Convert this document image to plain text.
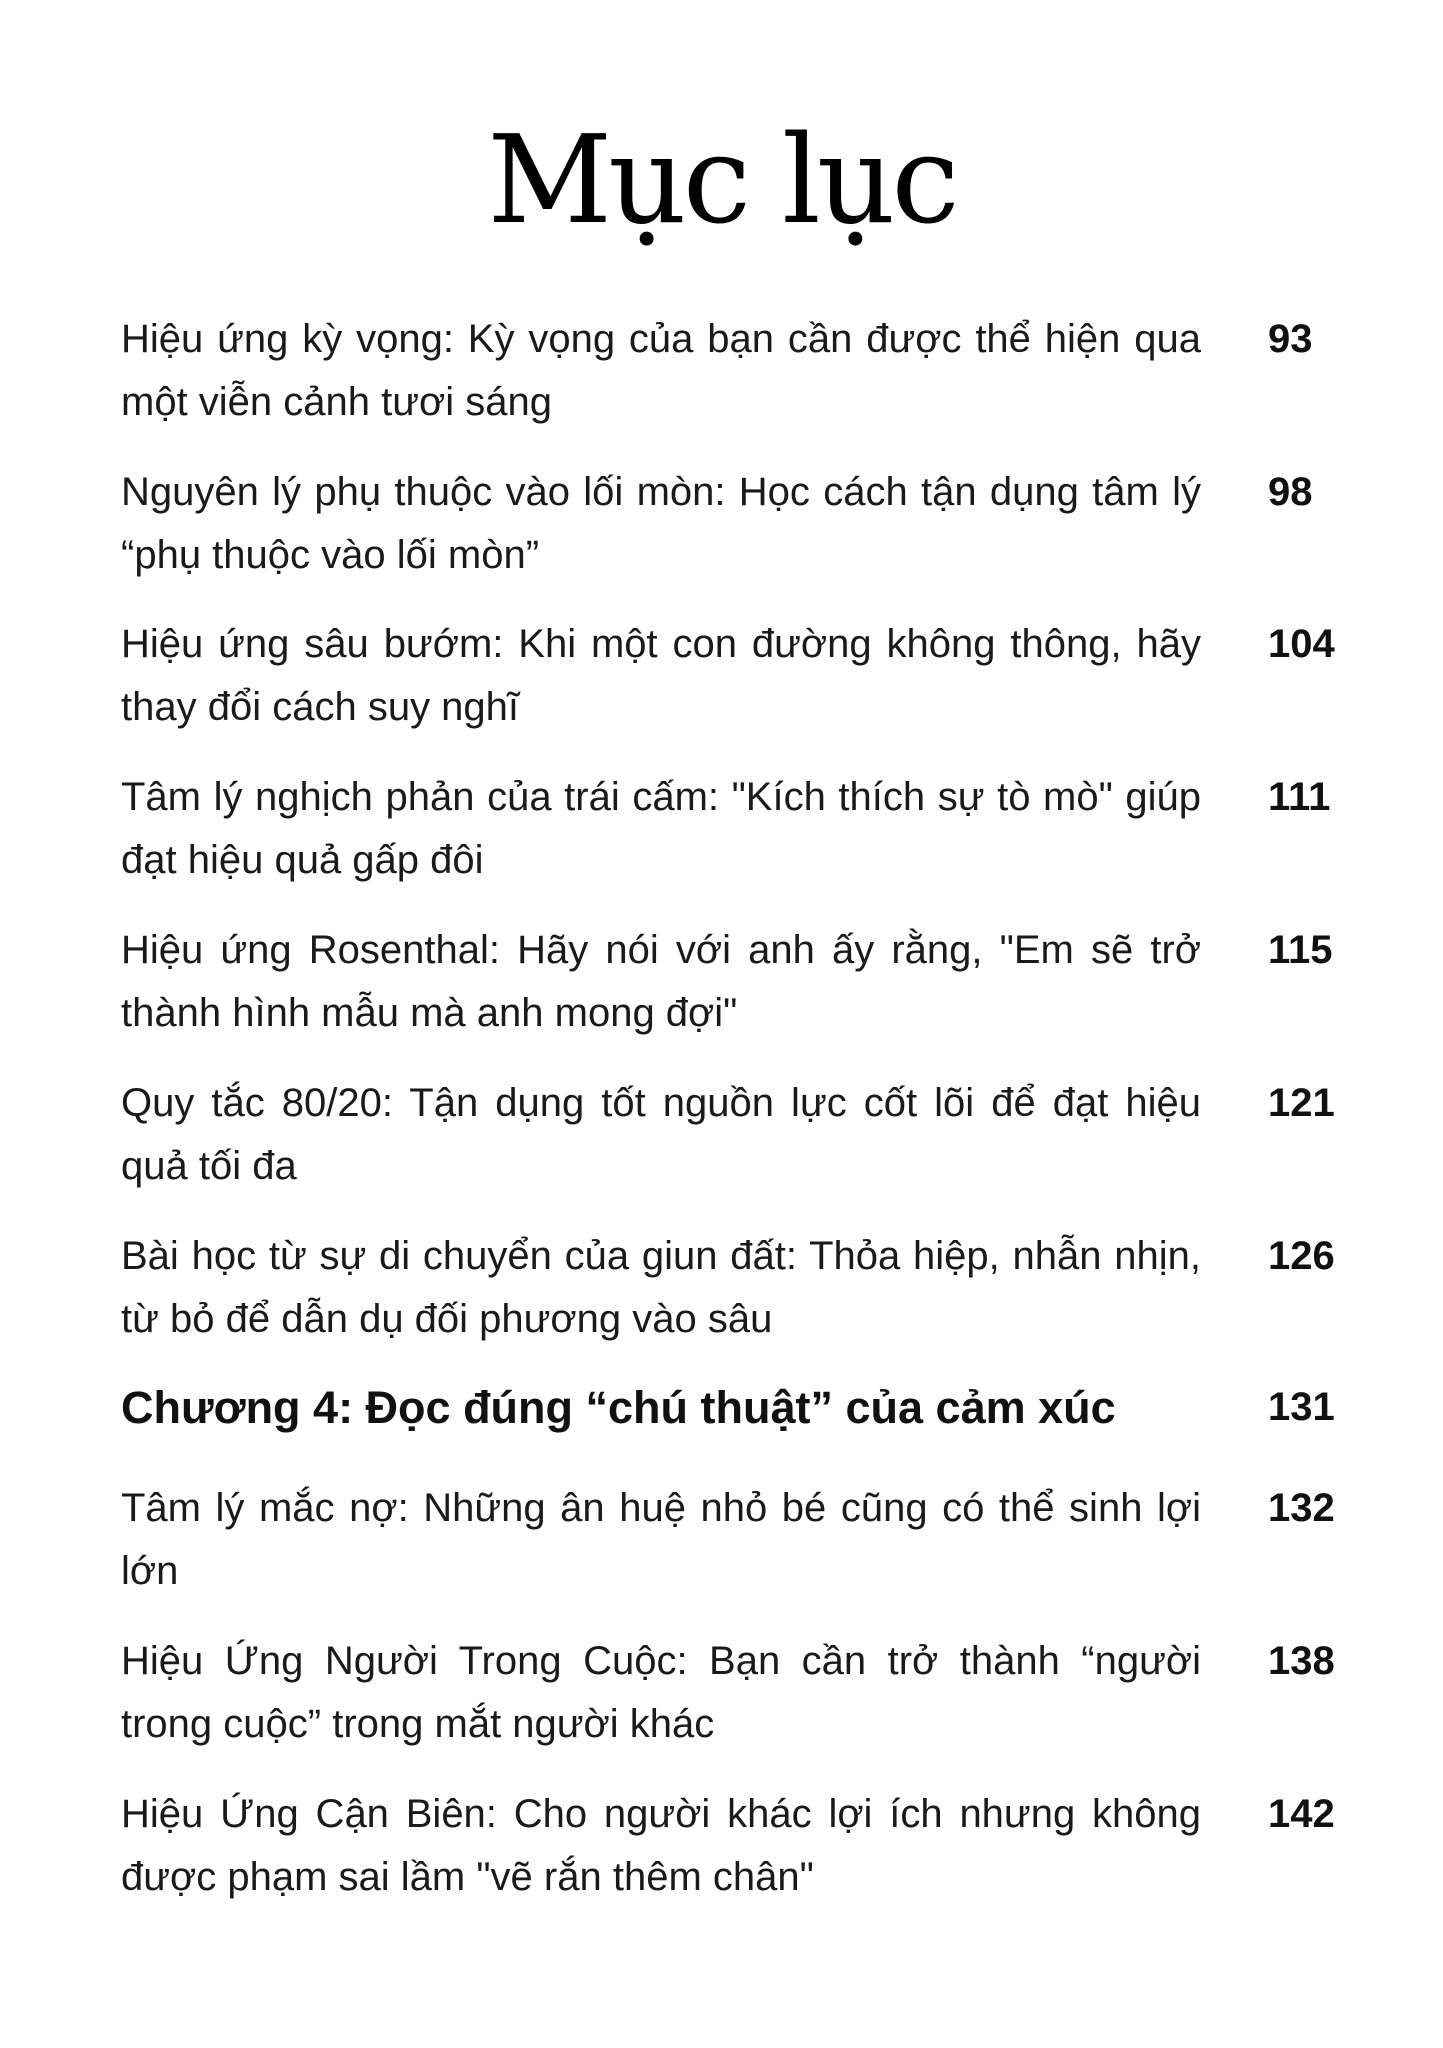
Mục lục
Hiệu ứng kỳ vọng: Kỳ vọng của bạn cần được thể hiện qua một viễn cảnh tươi sáng
93
Nguyên lý phụ thuộc vào lối mòn: Học cách tận dụng tâm lý “phụ thuộc vào lối mòn”
98
Hiệu ứng sâu bướm: Khi một con đường không thông, hãy thay đổi cách suy nghĩ
104
Tâm lý nghịch phản của trái cấm: "Kích thích sự tò mò" giúp đạt hiệu quả gấp đôi
111
Hiệu ứng Rosenthal: Hãy nói với anh ấy rằng, "Em sẽ trở thành hình mẫu mà anh mong đợi"
115
Quy tắc 80/20: Tận dụng tốt nguồn lực cốt lõi để đạt hiệu quả tối đa
121
Bài học từ sự di chuyển của giun đất: Thỏa hiệp, nhẫn nhịn, từ bỏ để dẫn dụ đối phương vào sâu
126
Chương 4: Đọc đúng “chú thuật” của cảm xúc	131
Tâm lý mắc nợ: Những ân huệ nhỏ bé cũng có thể sinh lợi lớn
132
Hiệu Ứng Người Trong Cuộc: Bạn cần trở thành “người trong cuộc” trong mắt người khác
138
Hiệu Ứng Cận Biên: Cho người khác lợi ích nhưng không được phạm sai lầm "vẽ rắn thêm chân"
142
